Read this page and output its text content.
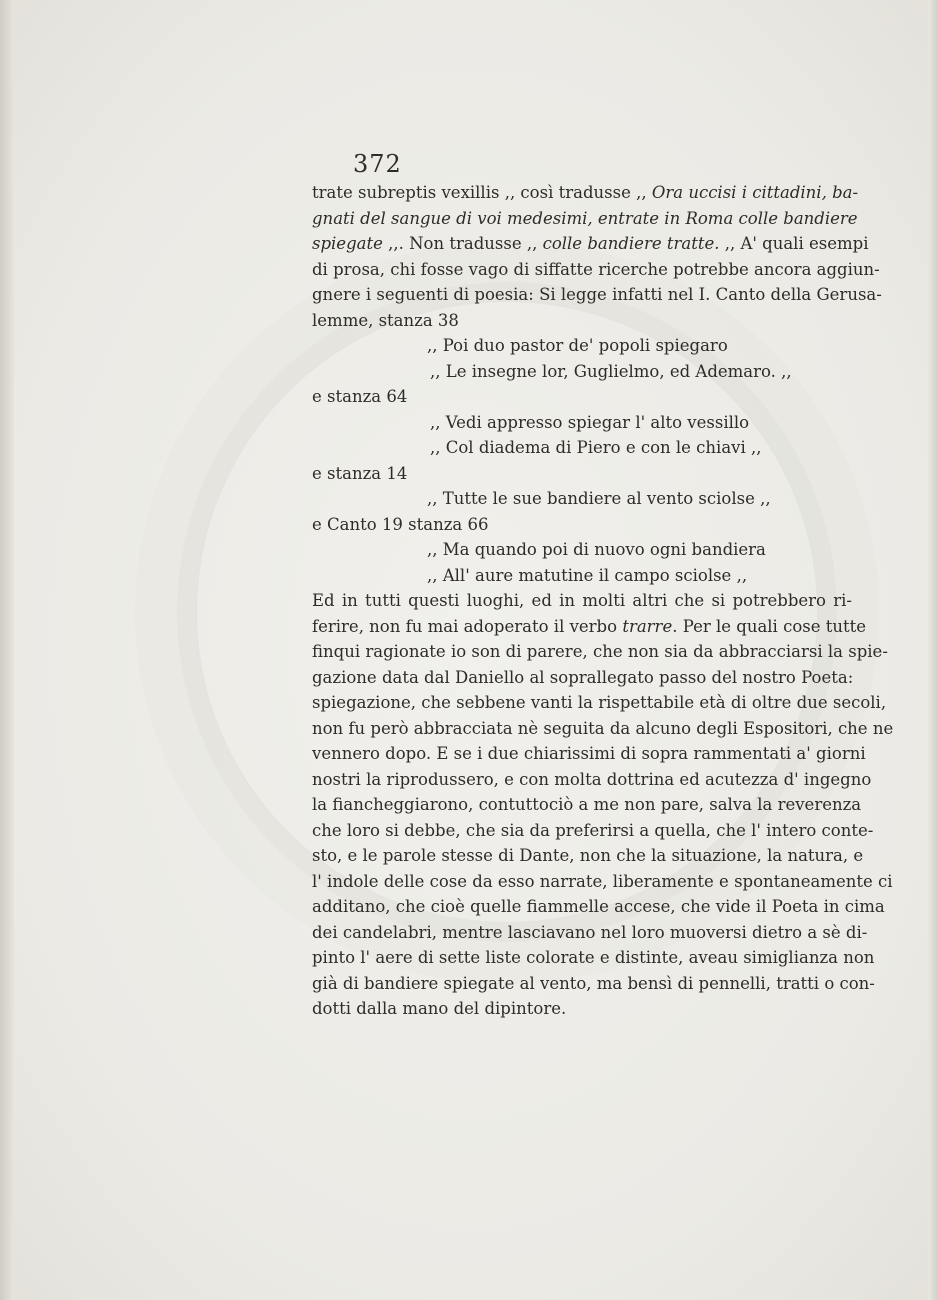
372
trate subreptis vexillis ,, così tradusse ,, Ora uccisi i cittadini, ba-
gnati del sangue di voi medesimi, entrate in Roma colle bandiere
spiegate ,,. Non tradusse ,, colle bandiere tratte. ,, A' quali esempi
di prosa, chi fosse vago di siffatte ricerche potrebbe ancora aggiun-
gnere i seguenti di poesia: Si legge infatti nel I. Canto della Gerusa-
lemme, stanza 38
,, Poi duo pastor de' popoli spiegaro
,, Le insegne lor, Guglielmo, ed Ademaro. ,,
e stanza 64
,, Vedi appresso spiegar l' alto vessillo
,, Col diadema di Piero e con le chiavi ,,
e stanza 14
,, Tutte le sue bandiere al vento sciolse ,,
e Canto 19 stanza 66
,, Ma quando poi di nuovo ogni bandiera
,, All' aure matutine il campo sciolse ,,
Ed in tutti questi luoghi, ed in molti altri che si potrebbero ri-
ferire, non fu mai adoperato il verbo trarre. Per le quali cose tutte
finqui ragionate io son di parere, che non sia da abbracciarsi la spie-
gazione data dal Daniello al soprallegato passo del nostro Poeta:
spiegazione, che sebbene vanti la rispettabile età di oltre due secoli,
non fu però abbracciata nè seguita da alcuno degli Espositori, che ne
vennero dopo. E se i due chiarissimi di sopra rammentati a' giorni
nostri la riprodussero, e con molta dottrina ed acutezza d' ingegno
la fiancheggiarono, contuttociò a me non pare, salva la reverenza
che loro si debbe, che sia da preferirsi a quella, che l' intero conte-
sto, e le parole stesse di Dante, non che la situazione, la natura, e
l' indole delle cose da esso narrate, liberamente e spontaneamente ci
additano, che cioè quelle fiammelle accese, che vide il Poeta in cima
dei candelabri, mentre lasciavano nel loro muoversi dietro a sè di-
pinto l' aere di sette liste colorate e distinte, aveau simiglianza non
già di bandiere spiegate al vento, ma bensì di pennelli, tratti o con-
dotti dalla mano del dipintore.
